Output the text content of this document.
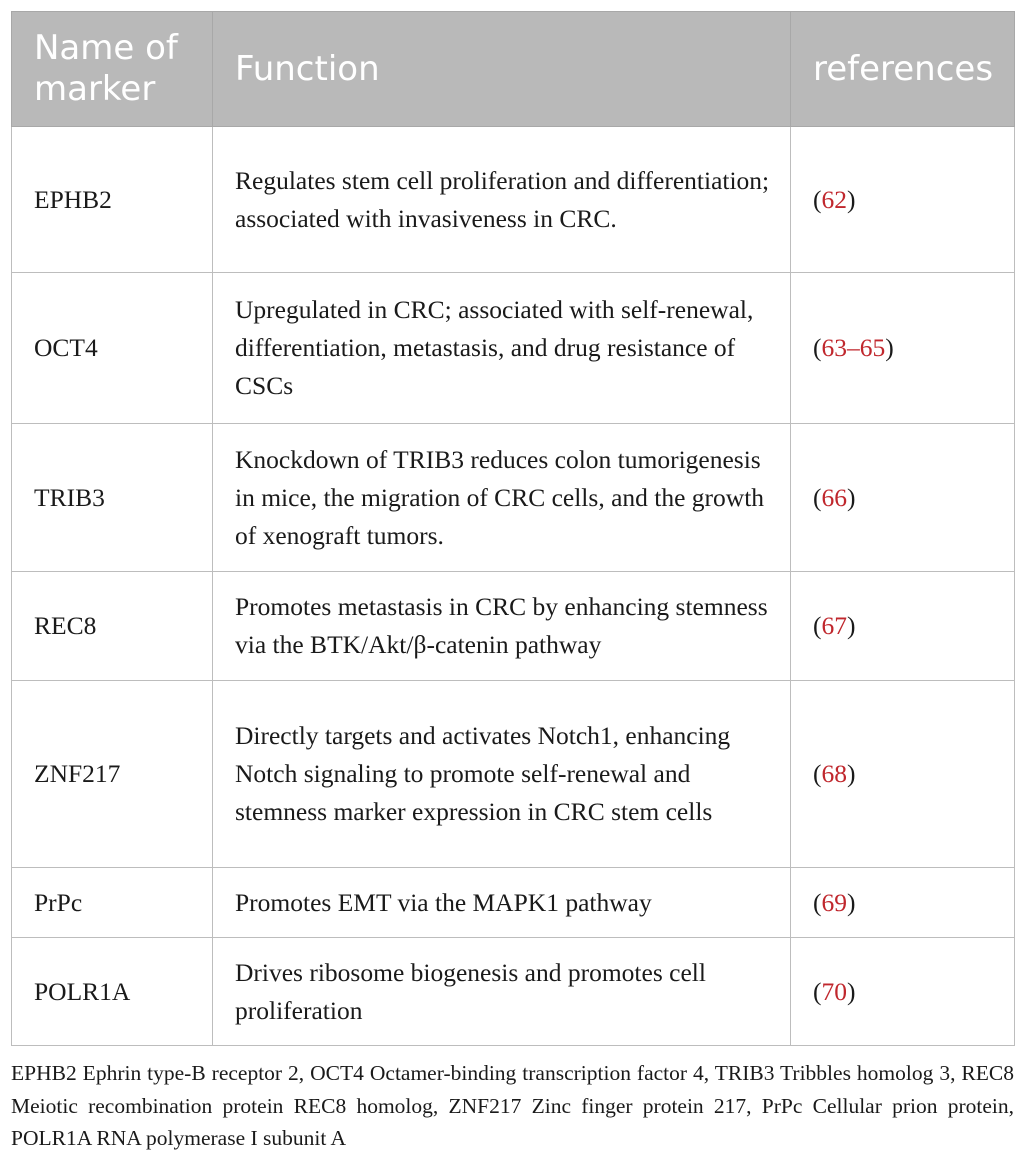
Name of marker	Function	references
EPHB2	Regulates stem cell proliferation and differentiation; associated with invasiveness in CRC.	(62)
OCT4	Upregulated in CRC; associated with self-renewal, differentiation, metastasis, and drug resistance of CSCs	(63–65)
TRIB3	Knockdown of TRIB3 reduces colon tumorigenesis in mice, the migration of CRC cells, and the growth of xenograft tumors.	(66)
REC8	Promotes metastasis in CRC by enhancing stemness via the BTK/Akt/β-catenin pathway	(67)
ZNF217	Directly targets and activates Notch1, enhancing Notch signaling to promote self-renewal and stemness marker expression in CRC stem cells	(68)
PrPc	Promotes EMT via the MAPK1 pathway	(69)
POLR1A	Drives ribosome biogenesis and promotes cell proliferation	(70)
EPHB2 Ephrin type-B receptor 2, OCT4 Octamer-binding transcription factor 4, TRIB3 Tribbles homolog 3, REC8 Meiotic recombination protein REC8 homolog, ZNF217 Zinc finger protein 217, PrPc Cellular prion protein, POLR1A RNA polymerase I subunit A
